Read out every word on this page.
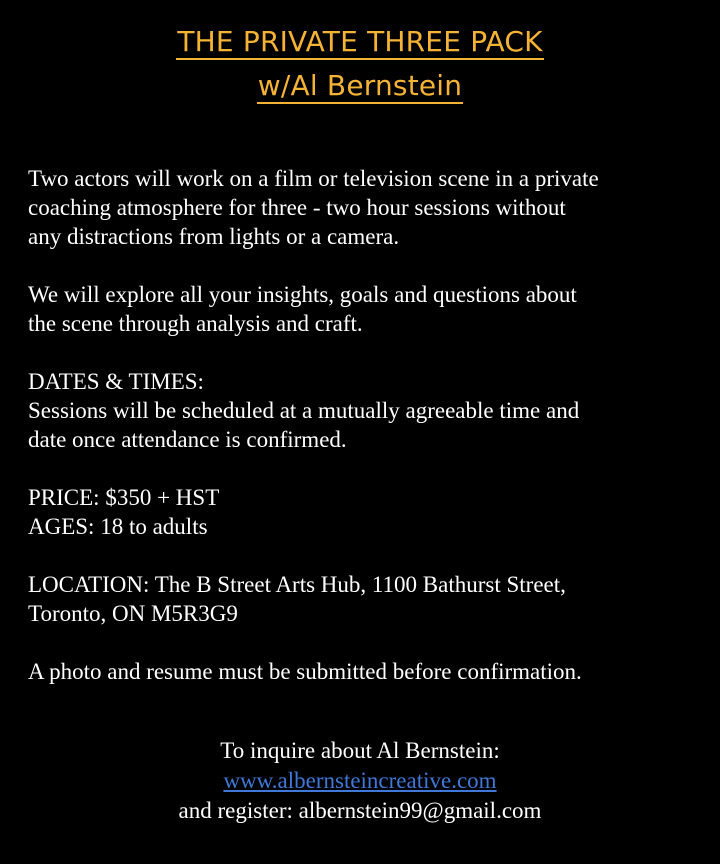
THE PRIVATE THREE PACK
w/Al Bernstein

Two actors will work on a film or television scene in a private
coaching atmosphere for three - two hour sessions without
any distractions from lights or a camera.

We will explore all your insights, goals and questions about
the scene through analysis and craft.

DATES & TIMES:
Sessions will be scheduled at a mutually agreeable time and
date once attendance is confirmed.

PRICE: $350 + HST
AGES: 18 to adults

LOCATION: The B Street Arts Hub, 1100 Bathurst Street,
Toronto, ON M5R3G9

A photo and resume must be submitted before confirmation.

To inquire about Al Bernstein:
www.albernsteincreative.com
and register: albernstein99@gmail.com
